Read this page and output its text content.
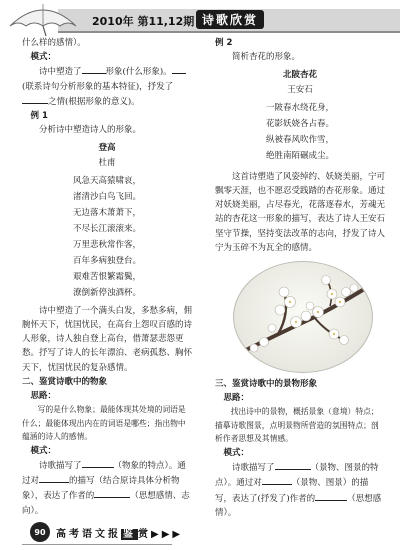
2010年 第11,12期 诗歌欣赏

什么样的感情）。

模式：

诗中塑造了	形象(什么形象)。(联系诗句分析形象的基本特征)，抒发了之情(根据形象的意义)。

例 1

分析诗中塑造诗人的形象。

登高
杜甫
风急天高猿啸哀，
渚清沙白鸟飞回。
无边落木萧萧下，
不尽长江滚滚来。
万里悲秋常作客，
百年多病独登台。
艰难苦恨繁霜鬓，
潦倒新停浊酒杯。

诗中塑造了一个满头白发，多愁多病，佣腕怀天下，忧国忧民，在高台上怨叹百感的诗人形象，诗人独自登上高台，借萧瑟悲怨更愁。抒写了诗人的长年漂泊、老病孤愁、胸怀天下，忧国忧民的复杂感情。

二、鉴赏诗歌中的物象

思路：

写的是什么物象；最能体现其处境的词语是什么；最能体现出内在的词语是哪些；指出物中蕴涵的诗人的感情。

模式：

诗歌描写了	（物象的特点）。通过对	的描写（结合原诗具体分析物象），表达了作者的	（思想感情、志向）。

例 2

简析杏花的形象。

北陂杏花
王安石
一陂春水绕花身，
花影妖娆各占春。
纵被春风吹作雪，
绝胜南陌碾成尘。

这首诗塑造了风姿绰约、妖娆美丽，宁可飘零天涯，也不愿忍受践踏的杏花形象。通过对妖娆美丽，占尽春光，花落逐春水，芳魂无站的杏花这一形象的描写，表达了诗人王安石坚守节操，坚持变法改革的志向，抒发了诗人宁为玉碎不为瓦全的感情。

三、鉴赏诗歌中的景物形象

思路：

找出诗中的景物，概括景象（意境）特点；描摹诗歌图景，点明景物所营造的氛围特点；剖析作者思想及其情感。

模式：

诗歌描写了	（景物、图景的特点）。通过对	（景物、图景）的描写，表达了(抒发了)作者的	（思想感情）。

90	高考语文报 鉴 赏▶▶▶
